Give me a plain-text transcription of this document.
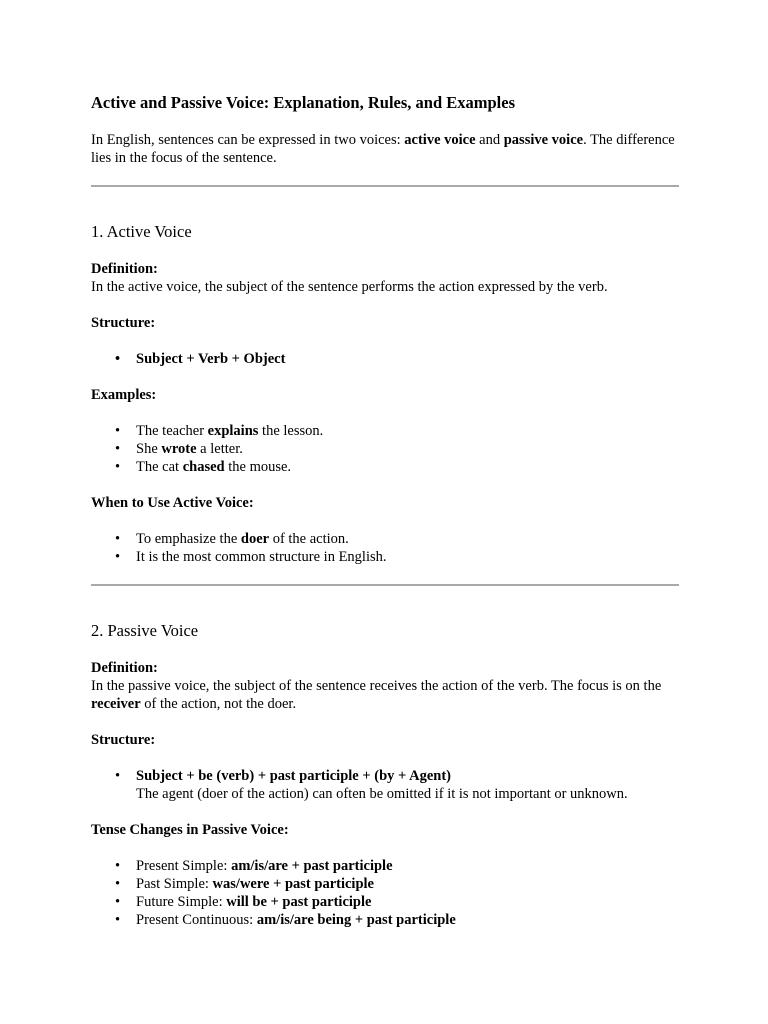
Active and Passive Voice: Explanation, Rules, and Examples

In English, sentences can be expressed in two voices: active voice and passive voice. The difference lies in the focus of the sentence.

1. Active Voice

Definition:
In the active voice, the subject of the sentence performs the action expressed by the verb.

Structure:

• Subject + Verb + Object

Examples:

• The teacher explains the lesson.
• She wrote a letter.
• The cat chased the mouse.

When to Use Active Voice:

• To emphasize the doer of the action.
• It is the most common structure in English.
2. Passive Voice

Definition:
In the passive voice, the subject of the sentence receives the action of the verb. The focus is on the receiver of the action, not the doer.

Structure:

• Subject + be (verb) + past participle + (by + Agent)
The agent (doer of the action) can often be omitted if it is not important or unknown.

Tense Changes in Passive Voice:

• Present Simple: am/is/are + past participle
• Past Simple: was/were + past participle
• Future Simple: will be + past participle
• Present Continuous: am/is/are being + past participle
